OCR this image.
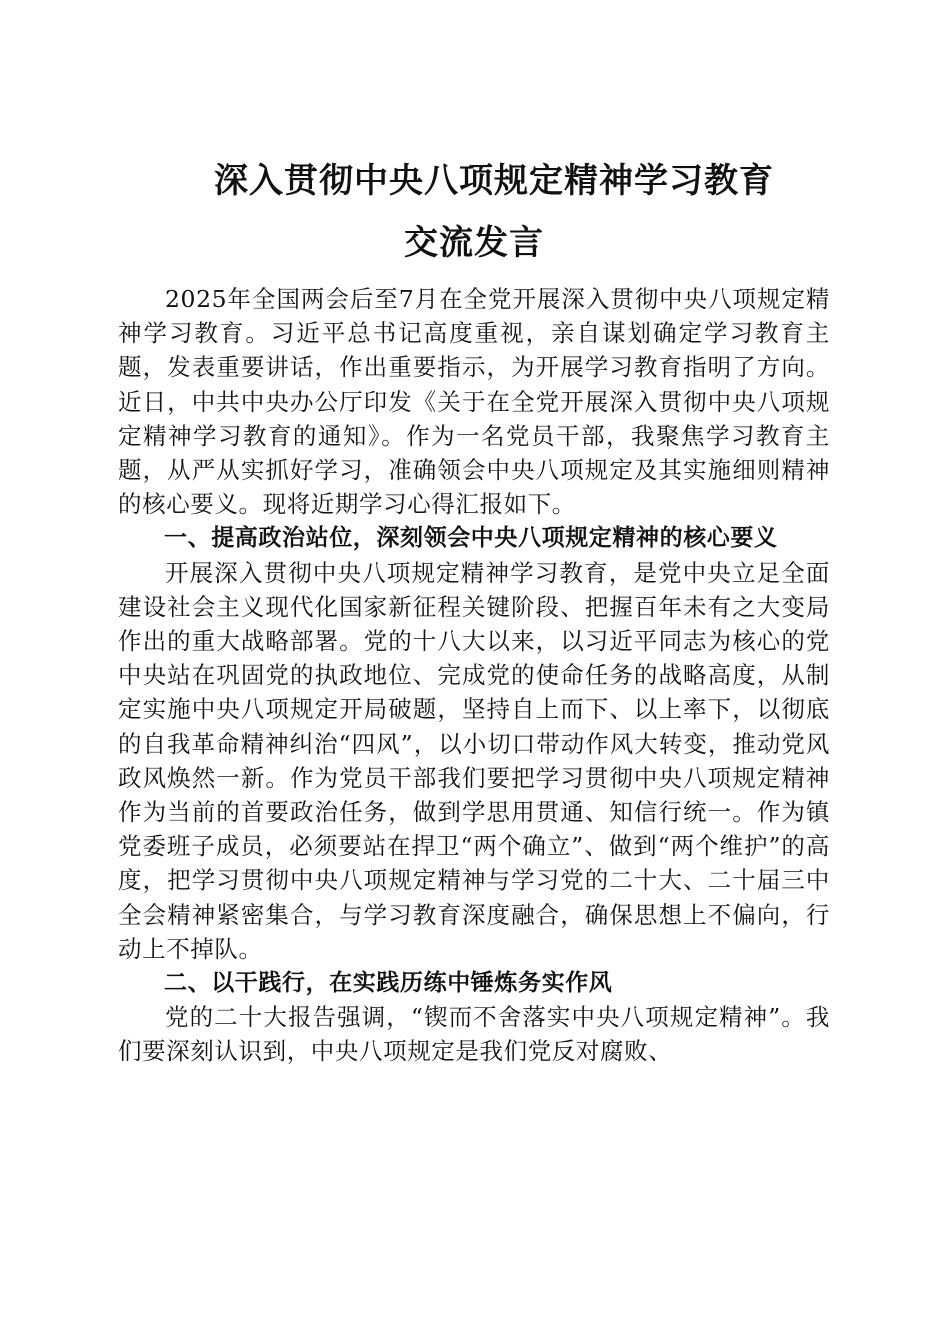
深入贯彻中央八项规定精神学习教育
交流发言

2025年全国两会后至7月在全党开展深入贯彻中央八项规定精神学习教育。习近平总书记高度重视，亲自谋划确定学习教育主题，发表重要讲话，作出重要指示，为开展学习教育指明了方向。近日，中共中央办公厅印发《关于在全党开展深入贯彻中央八项规定精神学习教育的通知》。作为一名党员干部，我聚焦学习教育主题，从严从实抓好学习，准确领会中央八项规定及其实施细则精神的核心要义。现将近期学习心得汇报如下。

一、提高政治站位，深刻领会中央八项规定精神的核心要义

开展深入贯彻中央八项规定精神学习教育，是党中央立足全面建设社会主义现代化国家新征程关键阶段、把握百年未有之大变局作出的重大战略部署。党的十八大以来，以习近平同志为核心的党中央站在巩固党的执政地位、完成党的使命任务的战略高度，从制定实施中央八项规定开局破题，坚持自上而下、以上率下，以彻底的自我革命精神纠治“四风”，以小切口带动作风大转变，推动党风政风焕然一新。作为党员干部我们要把学习贯彻中央八项规定精神作为当前的首要政治任务，做到学思用贯通、知信行统一。作为镇党委班子成员，必须要站在捍卫“两个确立”、做到“两个维护”的高度，把学习贯彻中央八项规定精神与学习党的二十大、二十届三中全会精神紧密集合，与学习教育深度融合，确保思想上不偏向，行动上不掉队。

二、以干践行，在实践历练中锤炼务实作风

党的二十大报告强调，“锲而不舍落实中央八项规定精神”。我们要深刻认识到，中央八项规定是我们党反对腐败、
